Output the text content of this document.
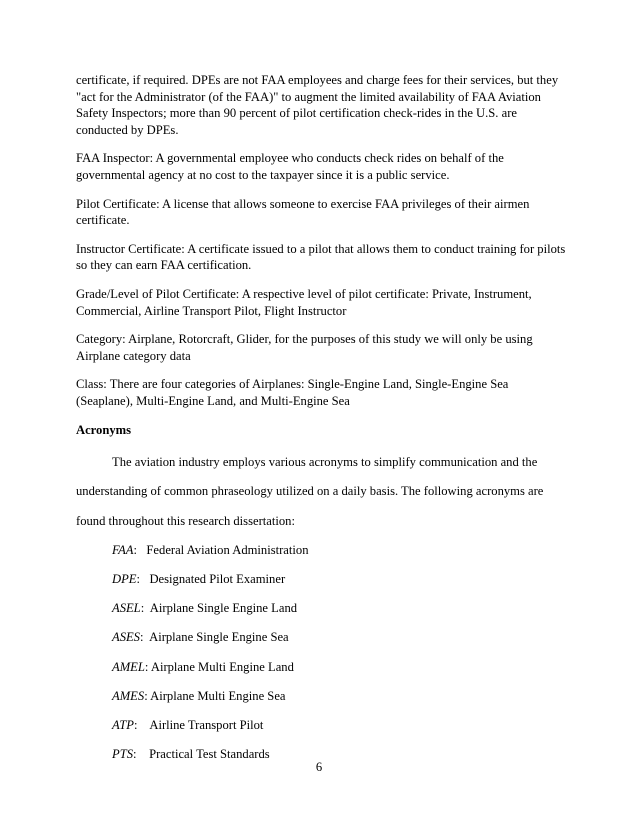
certificate, if required. DPEs are not FAA employees and charge fees for their services, but they "act for the Administrator (of the FAA)" to augment the limited availability of FAA Aviation Safety Inspectors; more than 90 percent of pilot certification check-rides in the U.S. are conducted by DPEs.

FAA Inspector: A governmental employee who conducts check rides on behalf of the governmental agency at no cost to the taxpayer since it is a public service.

Pilot Certificate: A license that allows someone to exercise FAA privileges of their airmen certificate.

Instructor Certificate: A certificate issued to a pilot that allows them to conduct training for pilots so they can earn FAA certification.

Grade/Level of Pilot Certificate: A respective level of pilot certificate: Private, Instrument, Commercial, Airline Transport Pilot, Flight Instructor

Category: Airplane, Rotorcraft, Glider, for the purposes of this study we will only be using Airplane category data

Class: There are four categories of Airplanes: Single-Engine Land, Single-Engine Sea (Seaplane), Multi-Engine Land, and Multi-Engine Sea

Acronyms

The aviation industry employs various acronyms to simplify communication and the understanding of common phraseology utilized on a daily basis. The following acronyms are found throughout this research dissertation:

FAA:   Federal Aviation Administration
DPE:   Designated Pilot Examiner
ASEL:  Airplane Single Engine Land
ASES:  Airplane Single Engine Sea
AMEL: Airplane Multi Engine Land
AMES: Airplane Multi Engine Sea
ATP:    Airline Transport Pilot
PTS:    Practical Test Standards
6
